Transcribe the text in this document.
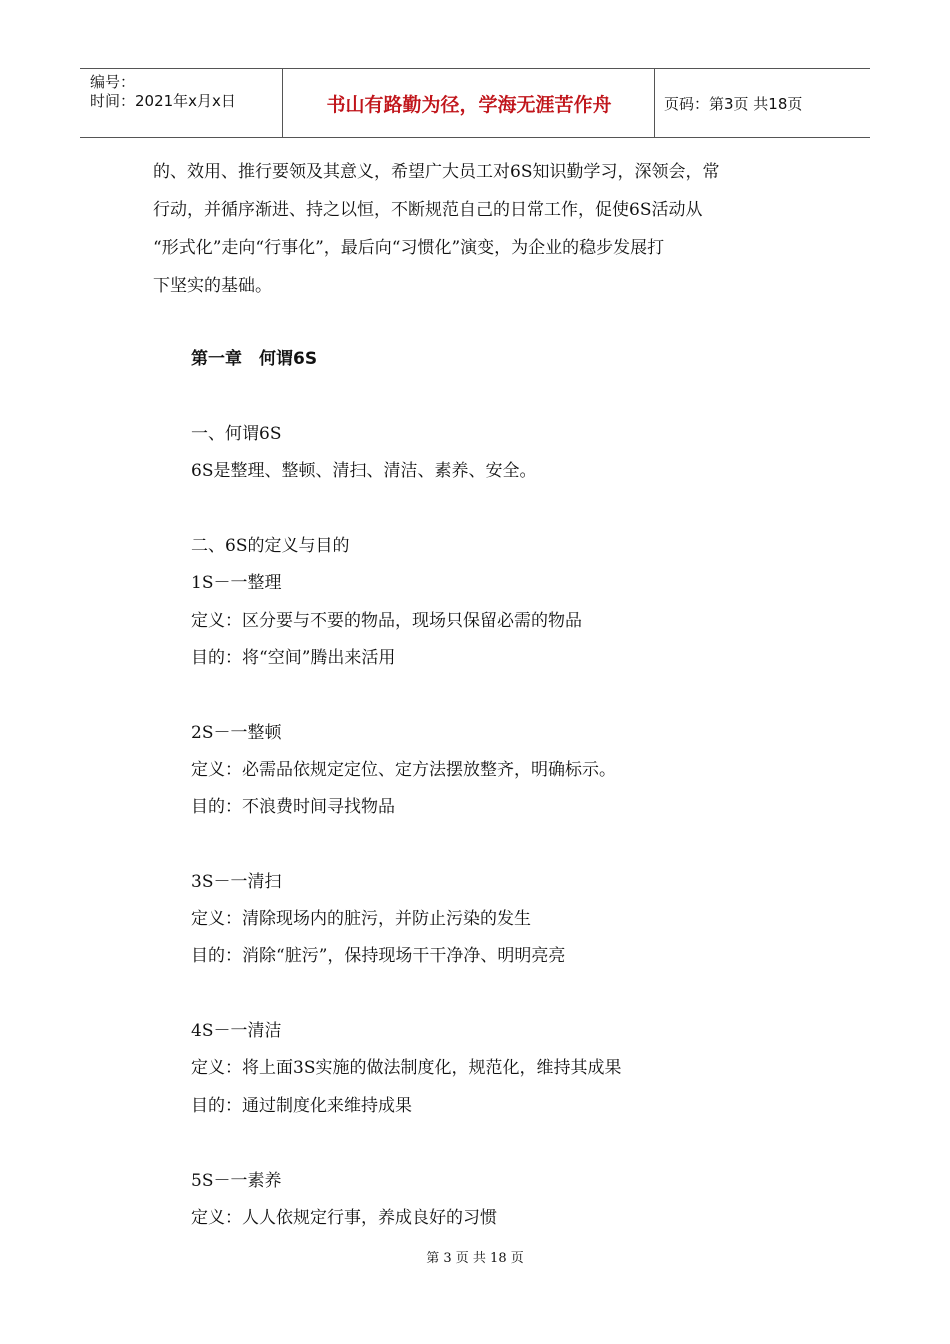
编号：
时间：2021年x月x日	书山有路勤为径，学海无涯苦作舟	页码：第3页 共18页
的、效用、推行要领及其意义，希望广大员工对6S知识勤学习，深领会，常
行动，并循序渐进、持之以恒，不断规范自己的日常工作，促使6S活动从
“形式化”走向“行事化”，最后向“习惯化”演变，为企业的稳步发展打
下坚实的基础。
第一章　何谓6S
一、何谓6S
6S是整理、整顿、清扫、清洁、素养、安全。
二、6S的定义与目的
1S－一整理
定义：区分要与不要的物品，现场只保留必需的物品
目的：将“空间”腾出来活用
2S－一整顿
定义：必需品依规定定位、定方法摆放整齐，明确标示。
目的：不浪费时间寻找物品
3S－一清扫
定义：清除现场内的脏污，并防止污染的发生
目的：消除“脏污”，保持现场干干净净、明明亮亮
4S－一清洁
定义：将上面3S实施的做法制度化，规范化，维持其成果
目的：通过制度化来维持成果
5S－一素养
定义：人人依规定行事，养成良好的习惯
第 3 页 共 18 页
